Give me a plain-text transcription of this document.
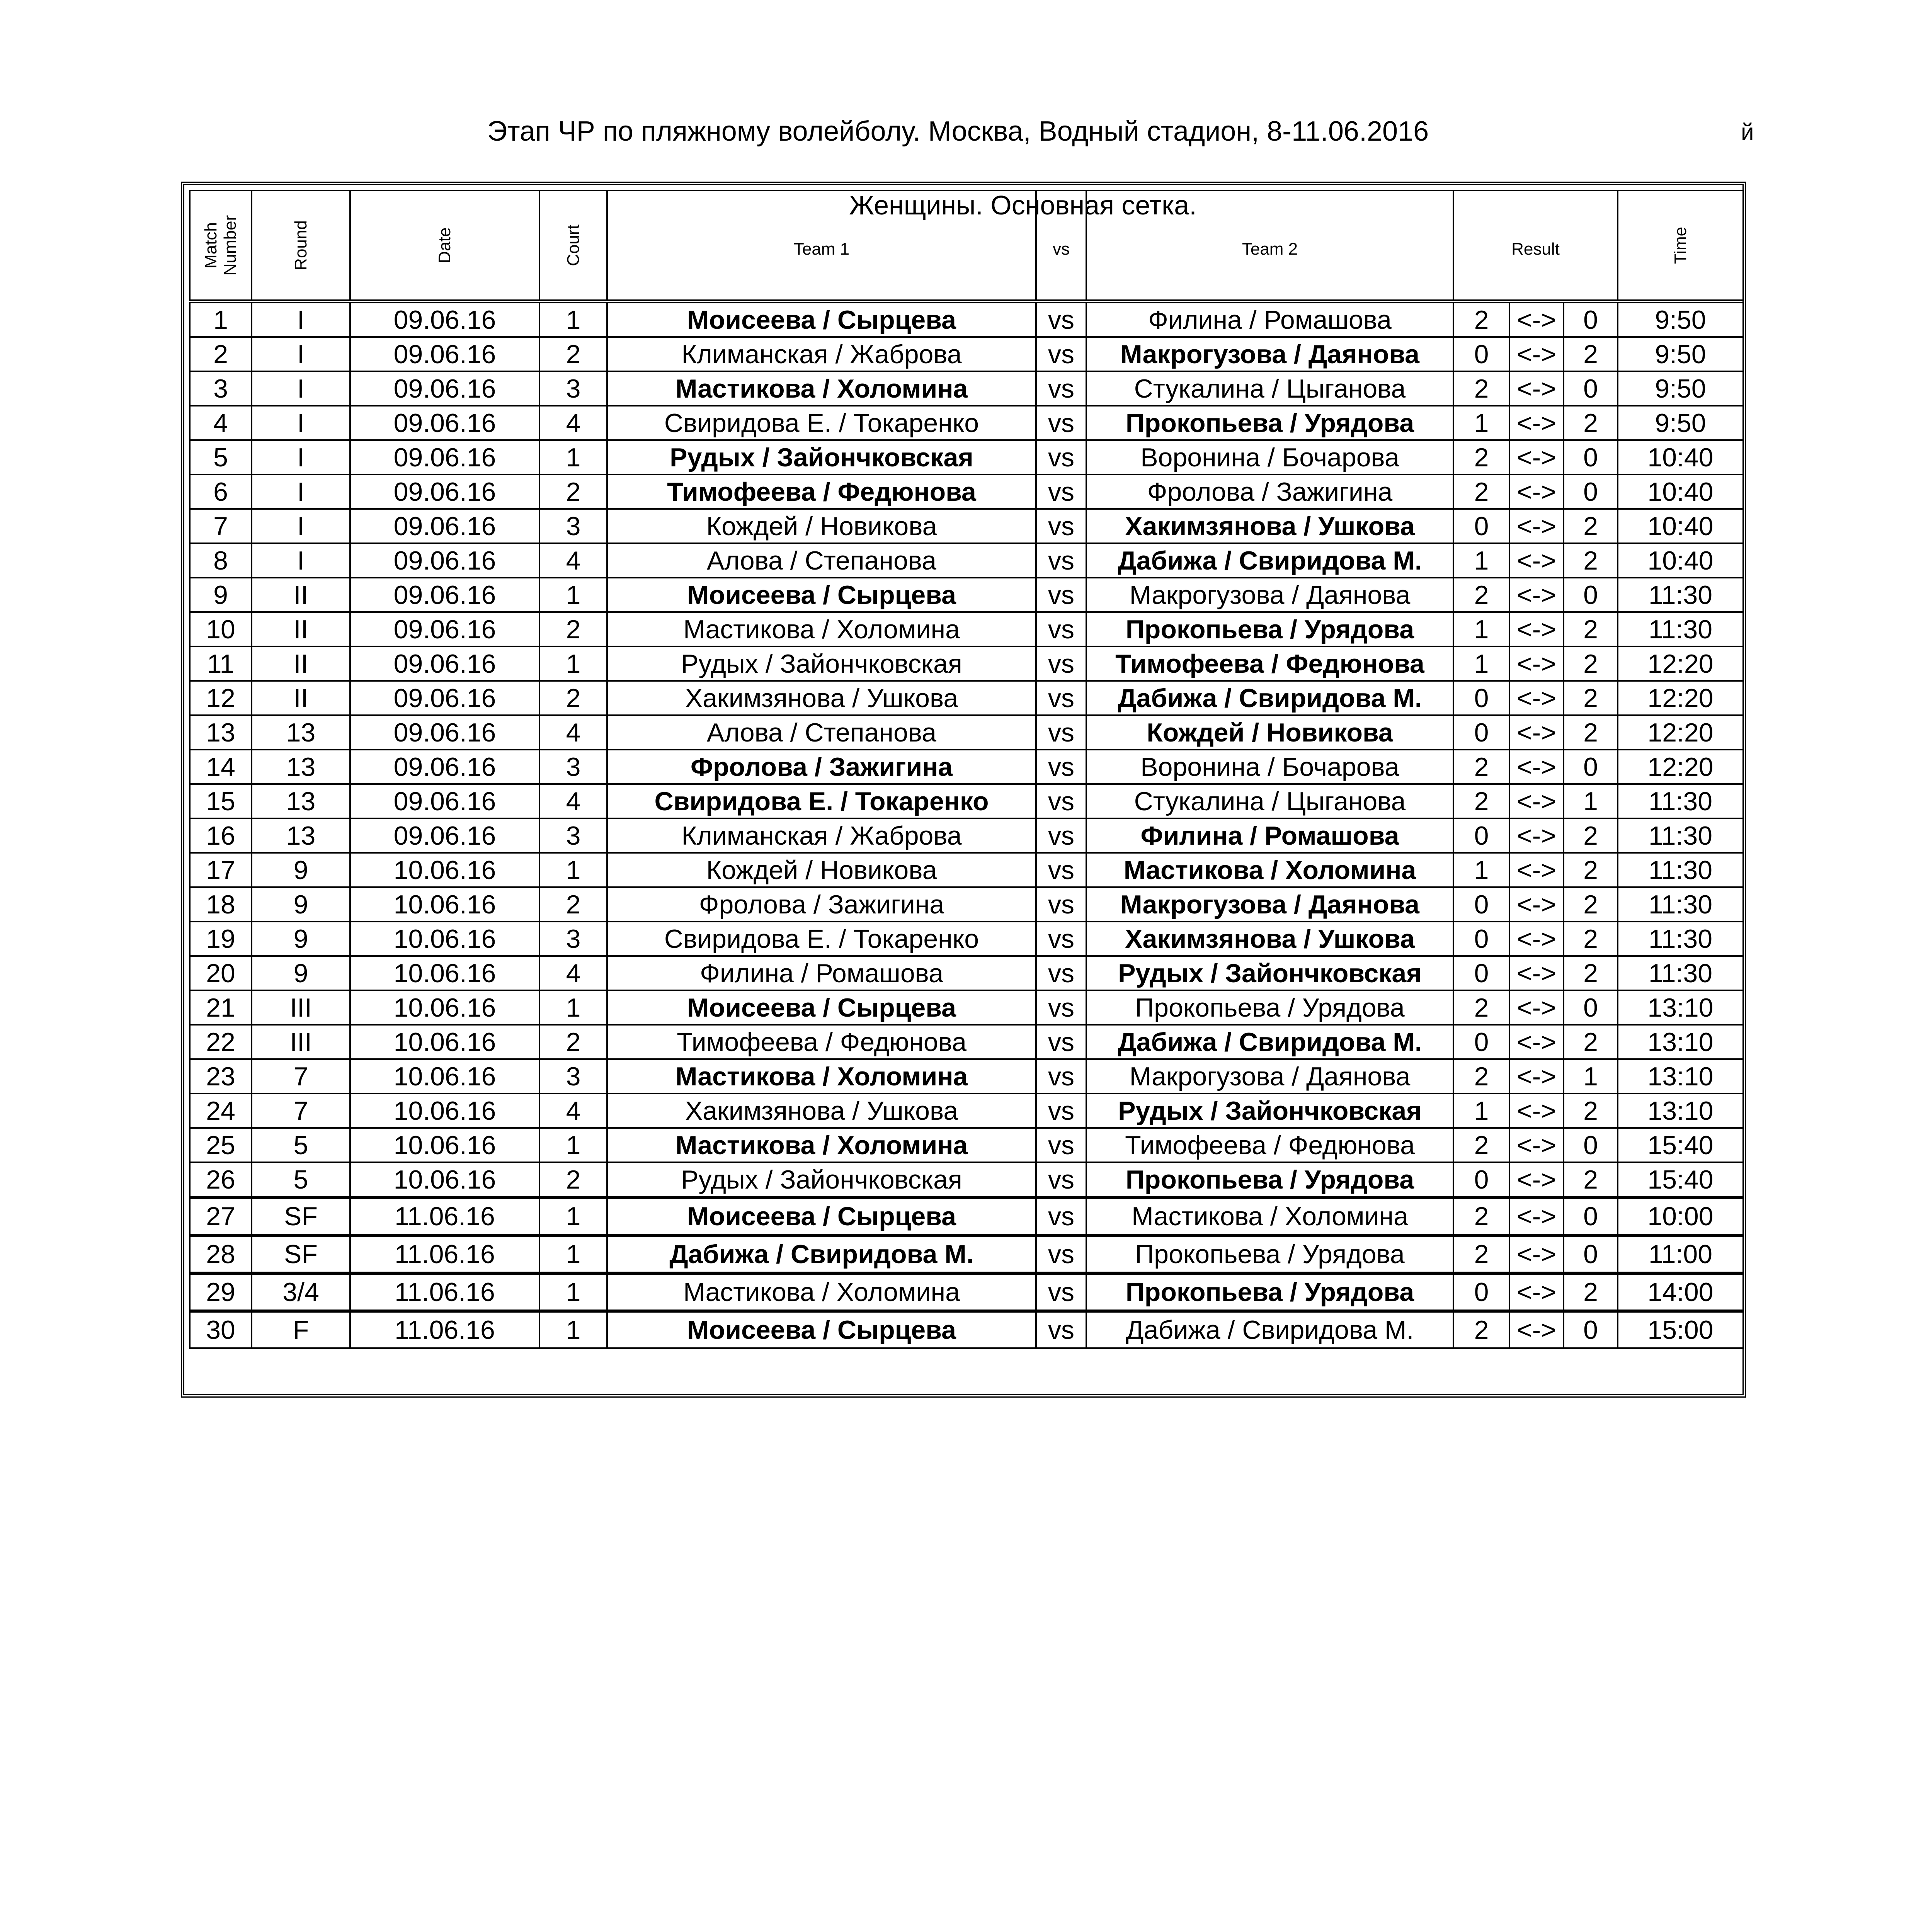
Этап ЧР по пляжному волейболу. Москва, Водный стадион, 8-11.06.2016	й
Match Number	Round	Date	Court	Team 1	vs	Team 2	Result	Time
Женщины. Основная сетка.
1	I	09.06.16	1	Моисеева / Сырцева	vs	Филина / Ромашова	2	<->	0	9:50
2	I	09.06.16	2	Климанская / Жаброва	vs	Макрогузова / Даянова	0	<->	2	9:50
3	I	09.06.16	3	Мастикова / Холомина	vs	Стукалина / Цыганова	2	<->	0	9:50
4	I	09.06.16	4	Свиридова Е. / Токаренко	vs	Прокопьева / Урядова	1	<->	2	9:50
5	I	09.06.16	1	Рудых / Зайончковская	vs	Воронина / Бочарова	2	<->	0	10:40
6	I	09.06.16	2	Тимофеева / Федюнова	vs	Фролова / Зажигина	2	<->	0	10:40
7	I	09.06.16	3	Кождей / Новикова	vs	Хакимзянова / Ушкова	0	<->	2	10:40
8	I	09.06.16	4	Алова / Степанова	vs	Дабижа / Свиридова М.	1	<->	2	10:40
9	II	09.06.16	1	Моисеева / Сырцева	vs	Макрогузова / Даянова	2	<->	0	11:30
10	II	09.06.16	2	Мастикова / Холомина	vs	Прокопьева / Урядова	1	<->	2	11:30
11	II	09.06.16	1	Рудых / Зайончковская	vs	Тимофеева / Федюнова	1	<->	2	12:20
12	II	09.06.16	2	Хакимзянова / Ушкова	vs	Дабижа / Свиридова М.	0	<->	2	12:20
13	13	09.06.16	4	Алова / Степанова	vs	Кождей / Новикова	0	<->	2	12:20
14	13	09.06.16	3	Фролова / Зажигина	vs	Воронина / Бочарова	2	<->	0	12:20
15	13	09.06.16	4	Свиридова Е. / Токаренко	vs	Стукалина / Цыганова	2	<->	1	11:30
16	13	09.06.16	3	Климанская / Жаброва	vs	Филина / Ромашова	0	<->	2	11:30
17	9	10.06.16	1	Кождей / Новикова	vs	Мастикова / Холомина	1	<->	2	11:30
18	9	10.06.16	2	Фролова / Зажигина	vs	Макрогузова / Даянова	0	<->	2	11:30
19	9	10.06.16	3	Свиридова Е. / Токаренко	vs	Хакимзянова / Ушкова	0	<->	2	11:30
20	9	10.06.16	4	Филина / Ромашова	vs	Рудых / Зайончковская	0	<->	2	11:30
21	III	10.06.16	1	Моисеева / Сырцева	vs	Прокопьева / Урядова	2	<->	0	13:10
22	III	10.06.16	2	Тимофеева / Федюнова	vs	Дабижа / Свиридова М.	0	<->	2	13:10
23	7	10.06.16	3	Мастикова / Холомина	vs	Макрогузова / Даянова	2	<->	1	13:10
24	7	10.06.16	4	Хакимзянова / Ушкова	vs	Рудых / Зайончковская	1	<->	2	13:10
25	5	10.06.16	1	Мастикова / Холомина	vs	Тимофеева / Федюнова	2	<->	0	15:40
26	5	10.06.16	2	Рудых / Зайончковская	vs	Прокопьева / Урядова	0	<->	2	15:40
27	SF	11.06.16	1	Моисеева / Сырцева	vs	Мастикова / Холомина	2	<->	0	10:00
28	SF	11.06.16	1	Дабижа / Свиридова М.	vs	Прокопьева / Урядова	2	<->	0	11:00
29	3/4	11.06.16	1	Мастикова / Холомина	vs	Прокопьева / Урядова	0	<->	2	14:00
30	F	11.06.16	1	Моисеева / Сырцева	vs	Дабижа / Свиридова М.	2	<->	0	15:00
